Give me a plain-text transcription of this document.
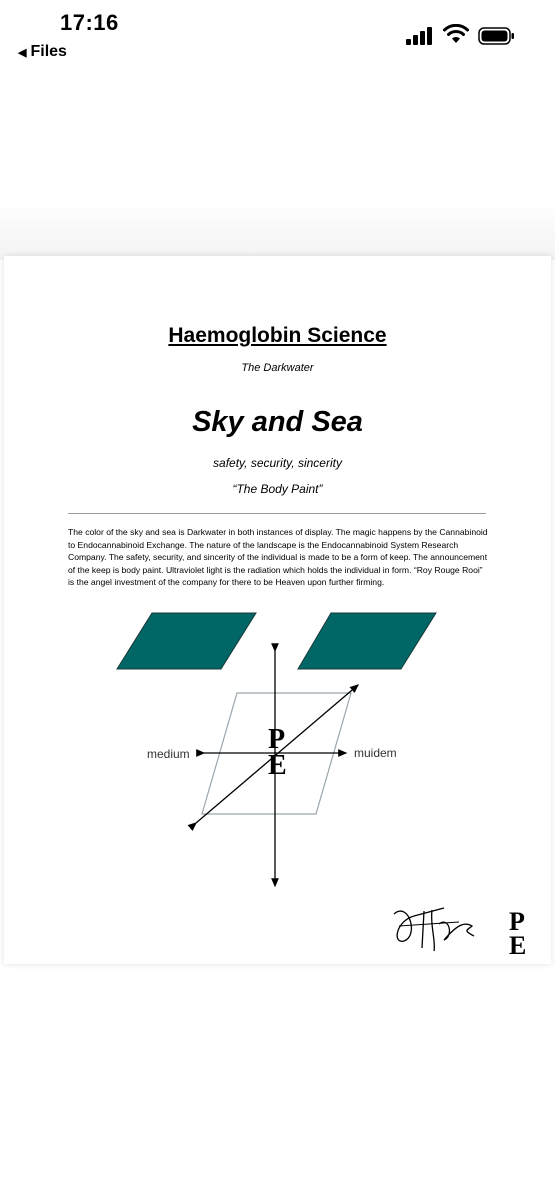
17:16
◀ Files
Haemoglobin Science
The Darkwater
Sky and Sea
safety, security, sincerity
“The Body Paint”
The color of the sky and sea is Darkwater in both instances of display. The magic happens by the Cannabinoid to Endocannabinoid Exchange. The nature of the landscape is the Endocannabinoid System Research Company. The safety, security, and sincerity of the individual is made to be a form of keep. The announcement of the keep is body paint. Ultraviolet light is the radiation which holds the individual in form. “Roy Rouge Rooi” is the angel investment of the company for there to be Heaven upon further firming.
medium	muidem
P
E
P
E
